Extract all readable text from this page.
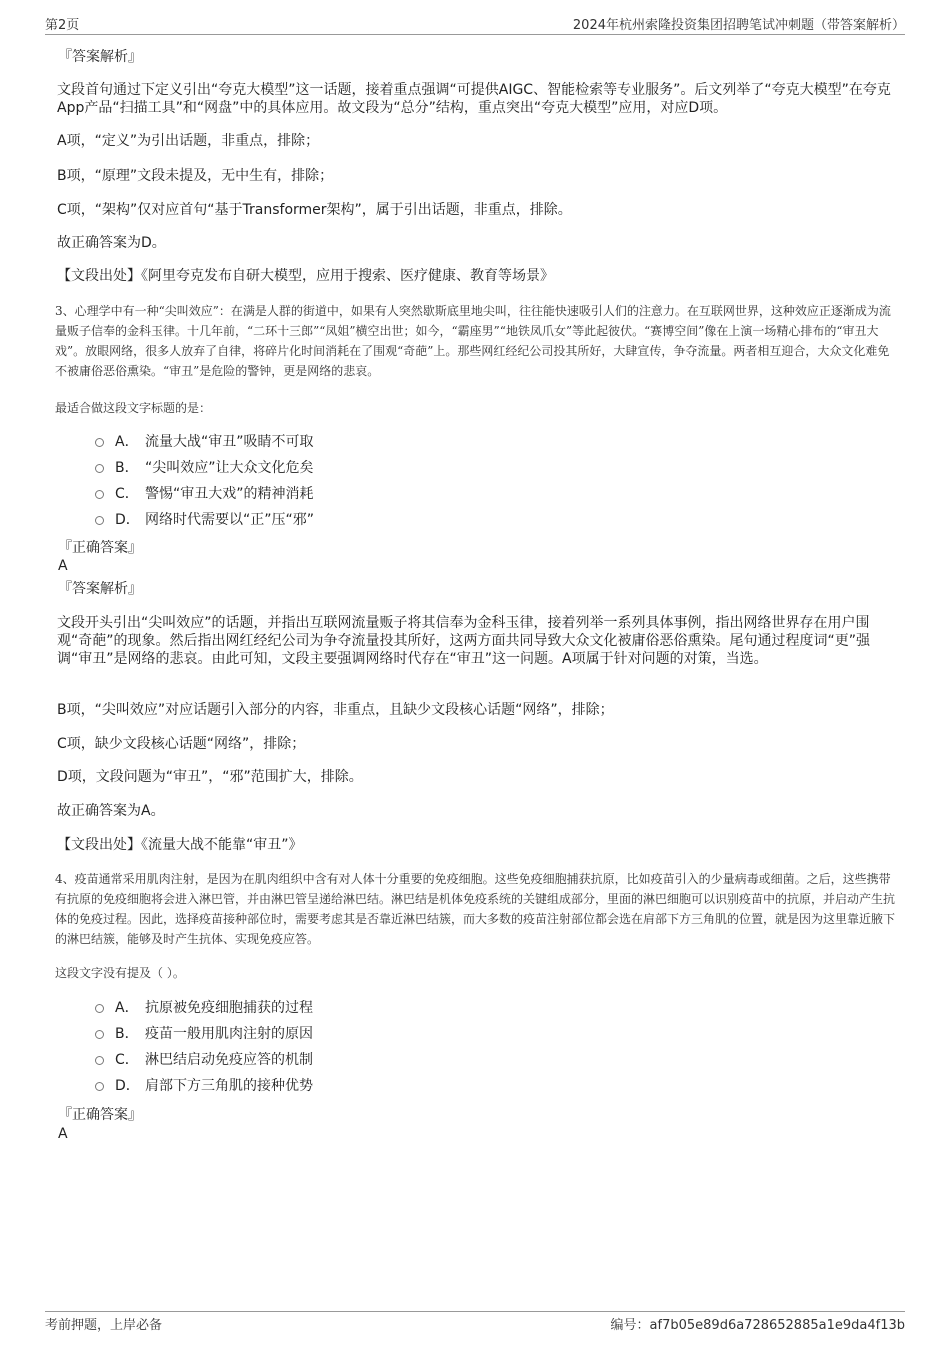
第2页	2024年杭州索隆投资集团招聘笔试冲刺题（带答案解析）
『答案解析』
文段首句通过下定义引出“夸克大模型”这一话题，接着重点强调“可提供AIGC、智能检索等专业服务”。后文列举了“夸克大模型”在夸克App产品“扫描工具”和“网盘”中的具体应用。故文段为“总分”结构，重点突出“夸克大模型”应用，对应D项。
A项，“定义”为引出话题，非重点，排除；
B项，“原理”文段未提及，无中生有，排除；
C项，“架构”仅对应首句“基于Transformer架构”，属于引出话题，非重点，排除。
故正确答案为D。
【文段出处】《阿里夸克发布自研大模型，应用于搜索、医疗健康、教育等场景》
3、心理学中有一种“尖叫效应”：在满是人群的街道中，如果有人突然歇斯底里地尖叫，往往能快速吸引人们的注意力。在互联网世界，这种效应正逐渐成为流量贩子信奉的金科玉律。十几年前，“二环十三郎”“凤姐”横空出世；如今，“霸座男”“地铁凤爪女”等此起彼伏。“赛博空间”像在上演一场精心排布的“审丑大戏”。放眼网络，很多人放弃了自律，将碎片化时间消耗在了围观“奇葩”上。那些网红经纪公司投其所好，大肆宣传，争夺流量。两者相互迎合，大众文化难免不被庸俗恶俗熏染。“审丑”是危险的警钟，更是网络的悲哀。
最适合做这段文字标题的是：
A． 流量大战“审丑”吸睛不可取
B． “尖叫效应”让大众文化危矣
C． 警惕“审丑大戏”的精神消耗
D． 网络时代需要以“正”压“邪”
『正确答案』
A
『答案解析』
文段开头引出“尖叫效应”的话题，并指出互联网流量贩子将其信奉为金科玉律，接着列举一系列具体事例，指出网络世界存在用户围观“奇葩”的现象。然后指出网红经纪公司为争夺流量投其所好，这两方面共同导致大众文化被庸俗恶俗熏染。尾句通过程度词“更”强调“审丑”是网络的悲哀。由此可知，文段主要强调网络时代存在“审丑”这一问题。A项属于针对问题的对策，当选。
B项，“尖叫效应”对应话题引入部分的内容，非重点，且缺少文段核心话题“网络”，排除；
C项，缺少文段核心话题“网络”，排除；
D项，文段问题为“审丑”，“邪”范围扩大，排除。
故正确答案为A。
【文段出处】《流量大战不能靠“审丑”》
4、疫苗通常采用肌肉注射，是因为在肌肉组织中含有对人体十分重要的免疫细胞。这些免疫细胞捕获抗原，比如疫苗引入的少量病毒或细菌。之后，这些携带有抗原的免疫细胞将会进入淋巴管，并由淋巴管呈递给淋巴结。淋巴结是机体免疫系统的关键组成部分，里面的淋巴细胞可以识别疫苗中的抗原，并启动产生抗体的免疫过程。因此，选择疫苗接种部位时，需要考虑其是否靠近淋巴结簇，而大多数的疫苗注射部位都会选在肩部下方三角肌的位置，就是因为这里靠近腋下的淋巴结簇，能够及时产生抗体、实现免疫应答。
这段文字没有提及（ ）。
A． 抗原被免疫细胞捕获的过程
B． 疫苗一般用肌肉注射的原因
C． 淋巴结启动免疫应答的机制
D． 肩部下方三角肌的接种优势
『正确答案』
A
考前押题，上岸必备	编号：af7b05e89d6a728652885a1e9da4f13b
